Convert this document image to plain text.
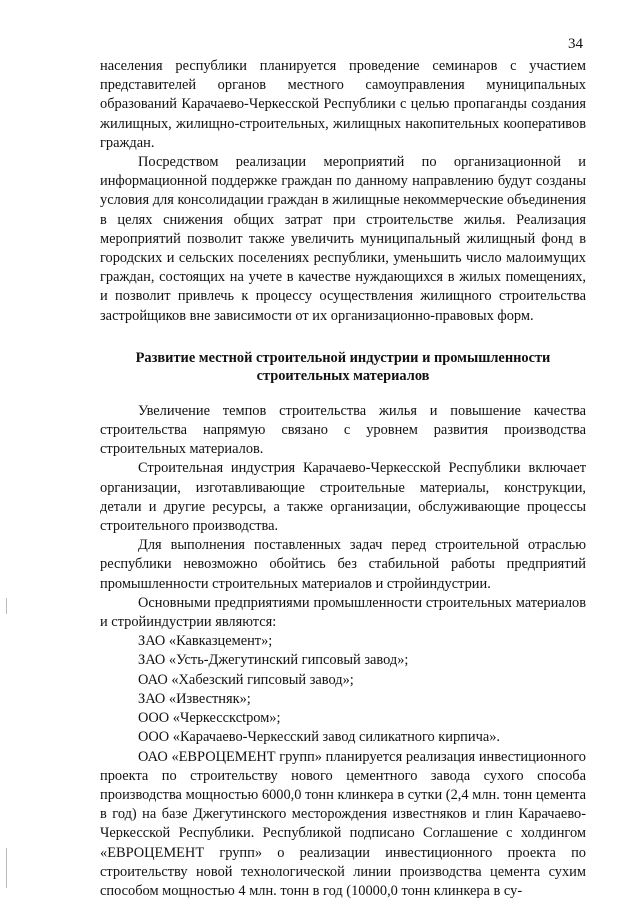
34

населения республики планируется проведение семинаров с участием представителей органов местного самоуправления муниципальных образований Карачаево-Черкесской Республики с целью пропаганды создания жилищных, жилищно-строительных, жилищных накопительных кооперативов граждан.

Посредством реализации мероприятий по организационной и информационной поддержке граждан по данному направлению будут созданы условия для консолидации граждан в жилищные некоммерческие объединения в целях снижения общих затрат при строительстве жилья. Реализация мероприятий позволит также увеличить муниципальный жилищный фонд в городских и сельских поселениях республики, уменьшить число малоимущих граждан, состоящих на учете в качестве нуждающихся в жилых помещениях, и позволит привлечь к процессу осуществления жилищного строительства застройщиков вне зависимости от их организационно-правовых форм.

Развитие местной строительной индустрии и промышленности строительных материалов

Увеличение темпов строительства жилья и повышение качества строительства напрямую связано с уровнем развития производства строительных материалов.

Строительная индустрия Карачаево-Черкесской Республики включает организации, изготавливающие строительные материалы, конструкции, детали и другие ресурсы, а также организации, обслуживающие процессы строительного производства.

Для выполнения поставленных задач перед строительной отраслью республики невозможно обойтись без стабильной работы предприятий промышленности строительных материалов и стройиндустрии.

Основными предприятиями промышленности строительных материалов и стройиндустрии являются:

ЗАО «Кавказцемент»;

ЗАО «Усть-Джегутинский гипсовый завод»;

ОАО «Хабезский гипсовый завод»;

ЗАО «Известняк»;

ООО «Черкессксtром»;

ООО «Карачаево-Черкесский завод силикатного кирпича».

ОАО «ЕВРОЦЕМЕНТ групп» планируется реализация инвестиционного проекта по строительству нового цементного завода сухого способа производства мощностью 6000,0 тонн клинкера в сутки (2,4 млн. тонн цемента в год) на базе Джегутинского месторождения известняков и глин Карачаево-Черкесской Республики. Республикой подписано Соглашение с холдингом «ЕВРОЦЕМЕНТ групп» о реализации инвестиционного проекта по строительству новой технологической линии производства цемента сухим способом мощностью 4 млн. тонн в год (10000,0 тонн клинкера в су-
